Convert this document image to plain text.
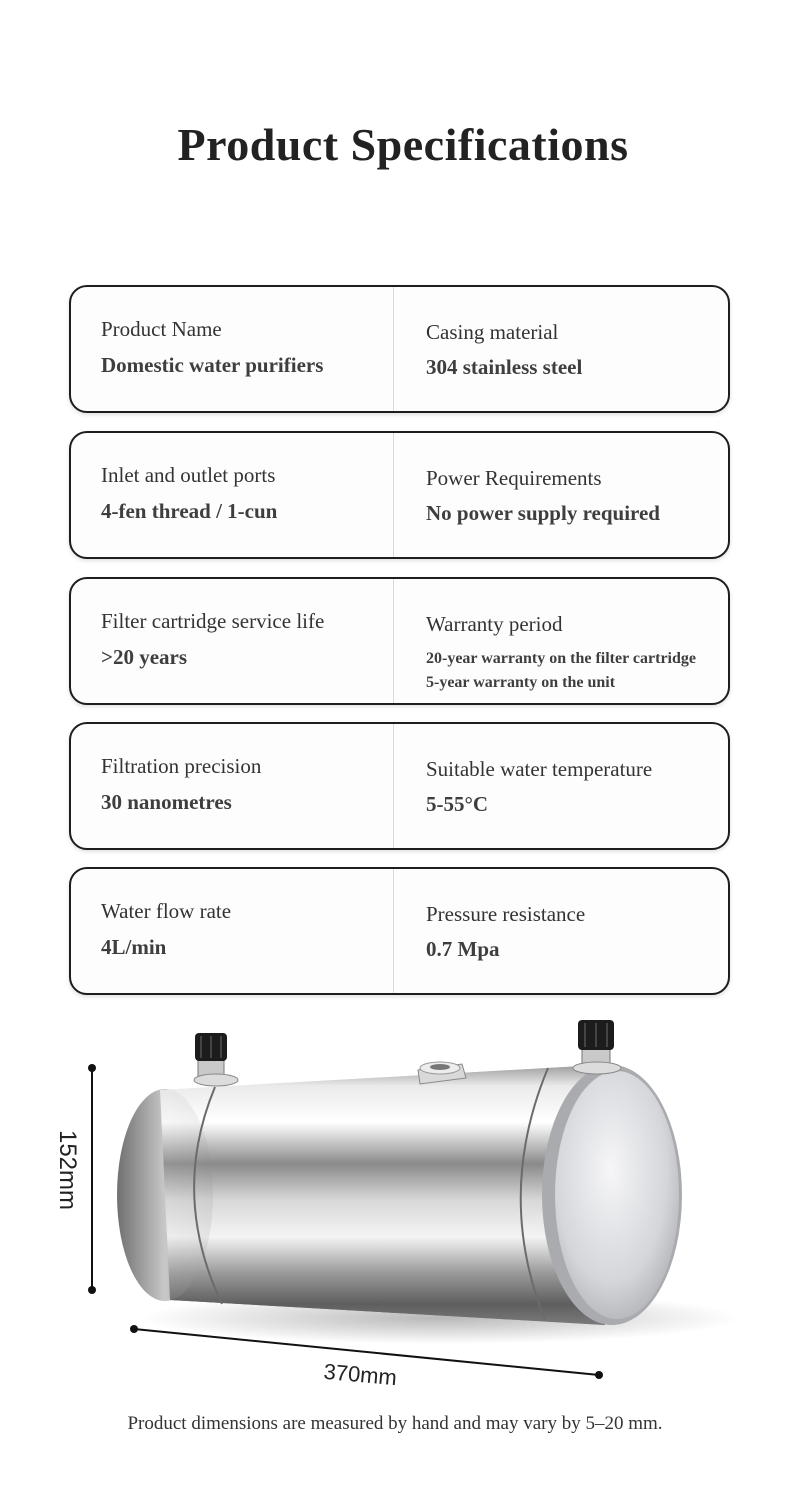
Product Specifications
Product Name
Domestic water purifiers
Casing material
304 stainless steel
Inlet and outlet ports
4-fen thread / 1-cun
Power Requirements
No power supply required
Filter cartridge service life
>20 years
Warranty period
20-year warranty on the filter cartridge
5-year warranty on the unit
Filtration precision
30 nanometres
Suitable water temperature
5-55°C
Water flow rate
4L/min
Pressure resistance
0.7 Mpa
152mm
370mm
Product dimensions are measured by hand and may vary by 5–20 mm.
